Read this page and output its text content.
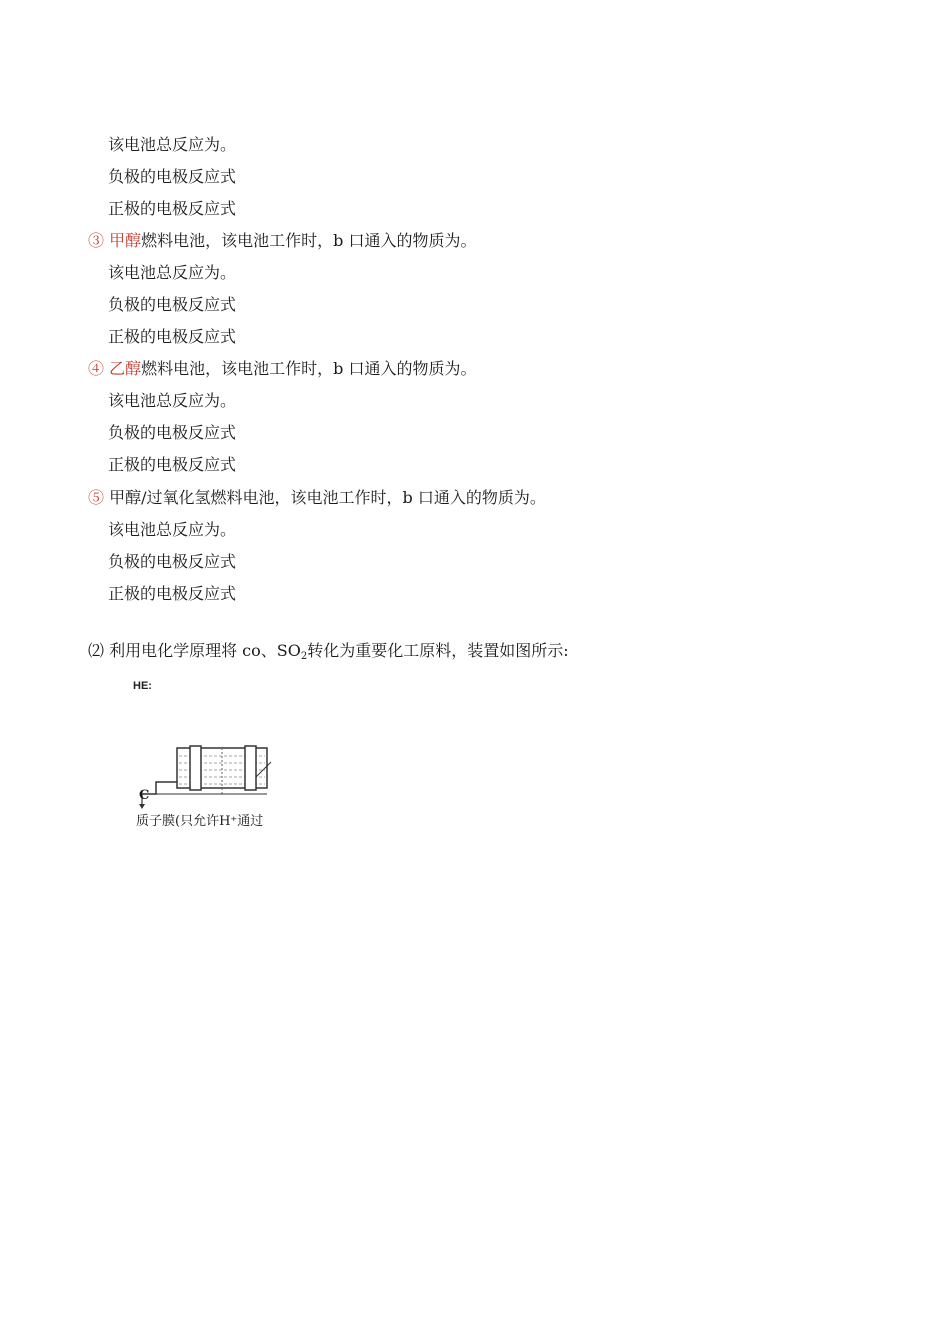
该电池总反应为。
负极的电极反应式
正极的电极反应式
③ 甲醇燃料电池，该电池工作时，b 口通入的物质为。
该电池总反应为。
负极的电极反应式
正极的电极反应式
④ 乙醇燃料电池，该电池工作时，b 口通入的物质为。
该电池总反应为。
负极的电极反应式
正极的电极反应式
⑤ 甲醇/过氧化氢燃料电池，该电池工作时，b 口通入的物质为。
该电池总反应为。
负极的电极反应式
正极的电极反应式
⑵ 利用电化学原理将 co、$SO_2$转化为重要化工原料，装置如图所示:
HE:
C
质子膜(只允许H⁺通过
